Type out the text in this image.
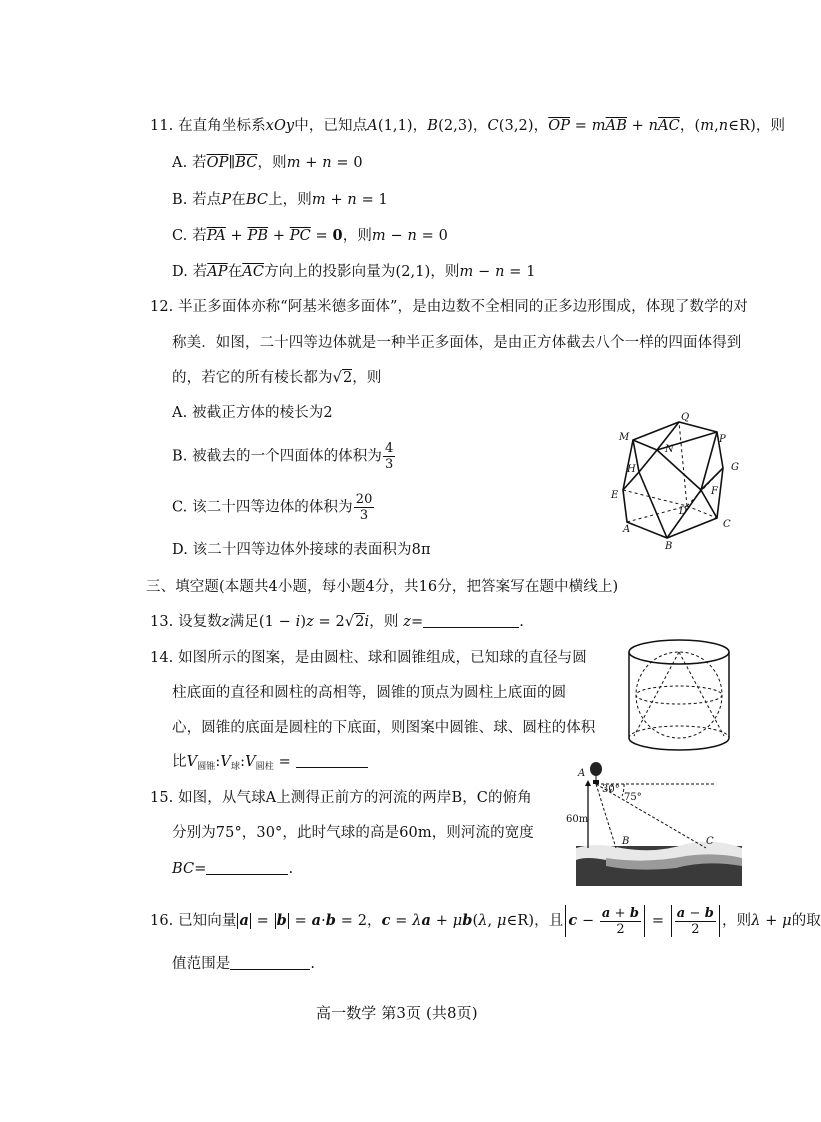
11. 在直角坐标系xOy中，已知点A(1,1)，B(2,3)，C(3,2)，$\overline{OP} = m\overline{AB} + n\overline{AC}$，(m,n∈R)，则
A. 若$\overline{OP}\parallel\overline{BC}$，则m + n = 0
B. 若点P在BC上，则m + n = 1
C. 若$\overline{PA} + \overline{PB} + \overline{PC} = 0$，则m − n = 0
D. 若$\overline{AP}$在$\overline{AC}$方向上的投影向量为(2,1)，则m − n = 1
12. 半正多面体亦称“阿基米德多面体”，是由边数不全相同的正多边形围成，体现了数学的对
称美．如图，二十四等边体就是一种半正多面体，是由正方体截去八个一样的四面体得到
的，若它的所有棱长都为√2，则
A. 被截正方体的棱长为2
B. 被截去的一个四面体的体积为 $\frac{4}{3}$
C. 该二十四等边体的体积为 $\frac{20}{3}$
D. 该二十四等边体外接球的表面积为8π
M
Q
P
N
H	G
E	F
D
A
B
C
三、填空题(本题共4小题，每小题4分，共16分，把答案写在题中横线上)
13. 设复数z满足(1 − i)z = 2√2i，则 z=	.
14. 如图所示的图案，是由圆柱、球和圆锥组成，已知球的直径与圆
柱底面的直径和圆柱的高相等，圆锥的顶点为圆柱上底面的圆
心，圆锥的底面是圆柱的下底面，则图案中圆锥、球、圆柱的体积
比$V_{圆锥}:V_球:V_{圆柱}$ =
15. 如图，从气球A上测得正前方的河流的两岸B，C的俯角
分别为75°，30°，此时气球的高是60m，则河流的宽度
BC=	.
A
30°
75°
60m
B	C
16. 已知向量 a = b = a·b = 2，c = λa + μb(λ, μ∈R)，且 $c - \frac{a + b}{2} = \frac{a - b}{2}$ ，则λ + μ的取
值范围是	.
高一数学 第3页 (共8页)
